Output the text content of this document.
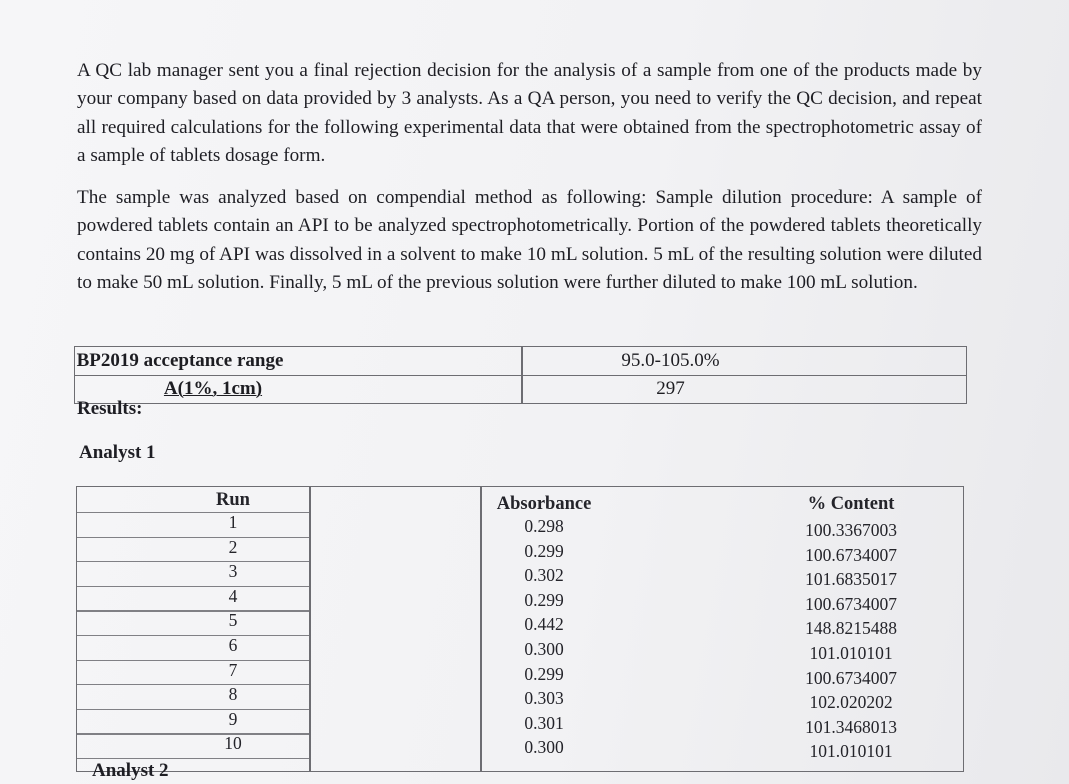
A QC lab manager sent you a final rejection decision for the analysis of a sample from one of the products made by your company based on data provided by 3 analysts. As a QA person, you need to verify the QC decision, and repeat all required calculations for the following experimental data that were obtained from the spectrophotometric assay of a sample of tablets dosage form.

The sample was analyzed based on compendial method as following: Sample dilution procedure: A sample of powdered tablets contain an API to be analyzed spectrophotometrically. Portion of the powdered tablets theoretically contains 20 mg of API was dissolved in a solvent to make 10 mL solution. 5 mL of the resulting solution were diluted to make 50 mL solution. Finally, 5 mL of the previous solution were further diluted to make 100 mL solution.

BP2019 acceptance range	95.0-105.0%
A(1%, 1cm)	297
Results:
Analyst 1
Run	Absorbance	% Content
1	0.298	100.3367003
2	0.299	100.6734007
3	0.302	101.6835017
4	0.299	100.6734007
5	0.442	148.8215488
6	0.300	101.010101
7	0.299	100.6734007
8	0.303	102.020202
9	0.301	101.3468013
10	0.300	101.010101
Analyst 2
